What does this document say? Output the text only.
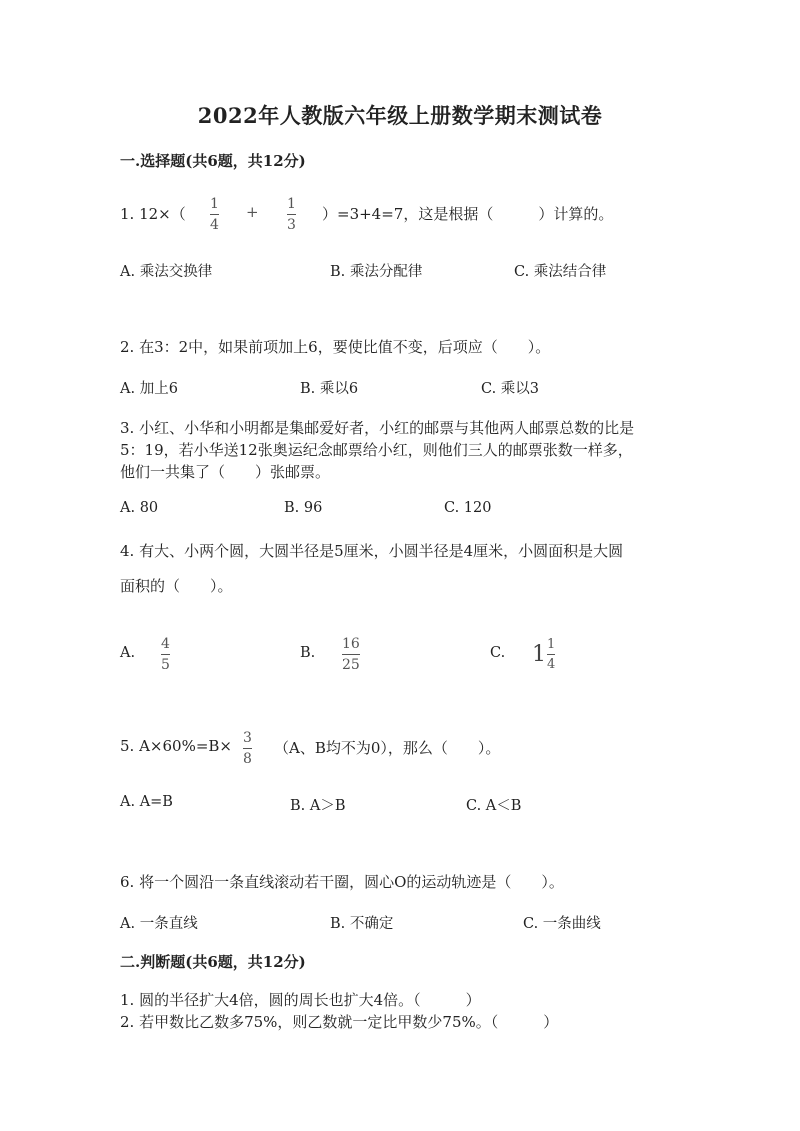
2022年人教版六年级上册数学期末测试卷
一.选择题(共6题，共12分)
1. 12×（
1
4
+ 1
3
）=3+4=7，这是根据（　　　）计算的。
A. 乘法交换律	B. 乘法分配律	C. 乘法结合律
2. 在3：2中，如果前项加上6，要使比值不变，后项应（　　）。
A. 加上6	B. 乘以6	C. 乘以3
3. 小红、小华和小明都是集邮爱好者，小红的邮票与其他两人邮票总数的比是
5：19，若小华送12张奥运纪念邮票给小红，则他们三人的邮票张数一样多，
他们一共集了（　　）张邮票。
A. 80	B. 96	C. 120
4. 有大、小两个圆，大圆半径是5厘米，小圆半径是4厘米，小圆面积是大圆
面积的（　　）。
A.
4
5
B.
16
25
C. $1 \frac{1}{4}$
5. A×60%=B× 3
8
（A、B均不为0），那么（　　）。
A. A=B	B. A＞B	C. A＜B
6. 将一个圆沿一条直线滚动若干圈，圆心O的运动轨迹是（　　）。
A. 一条直线	B. 不确定	C. 一条曲线
二.判断题(共6题，共12分)
1. 圆的半径扩大4倍，圆的周长也扩大4倍。（　　　）
2. 若甲数比乙数多75%，则乙数就一定比甲数少75%。（　　　）
